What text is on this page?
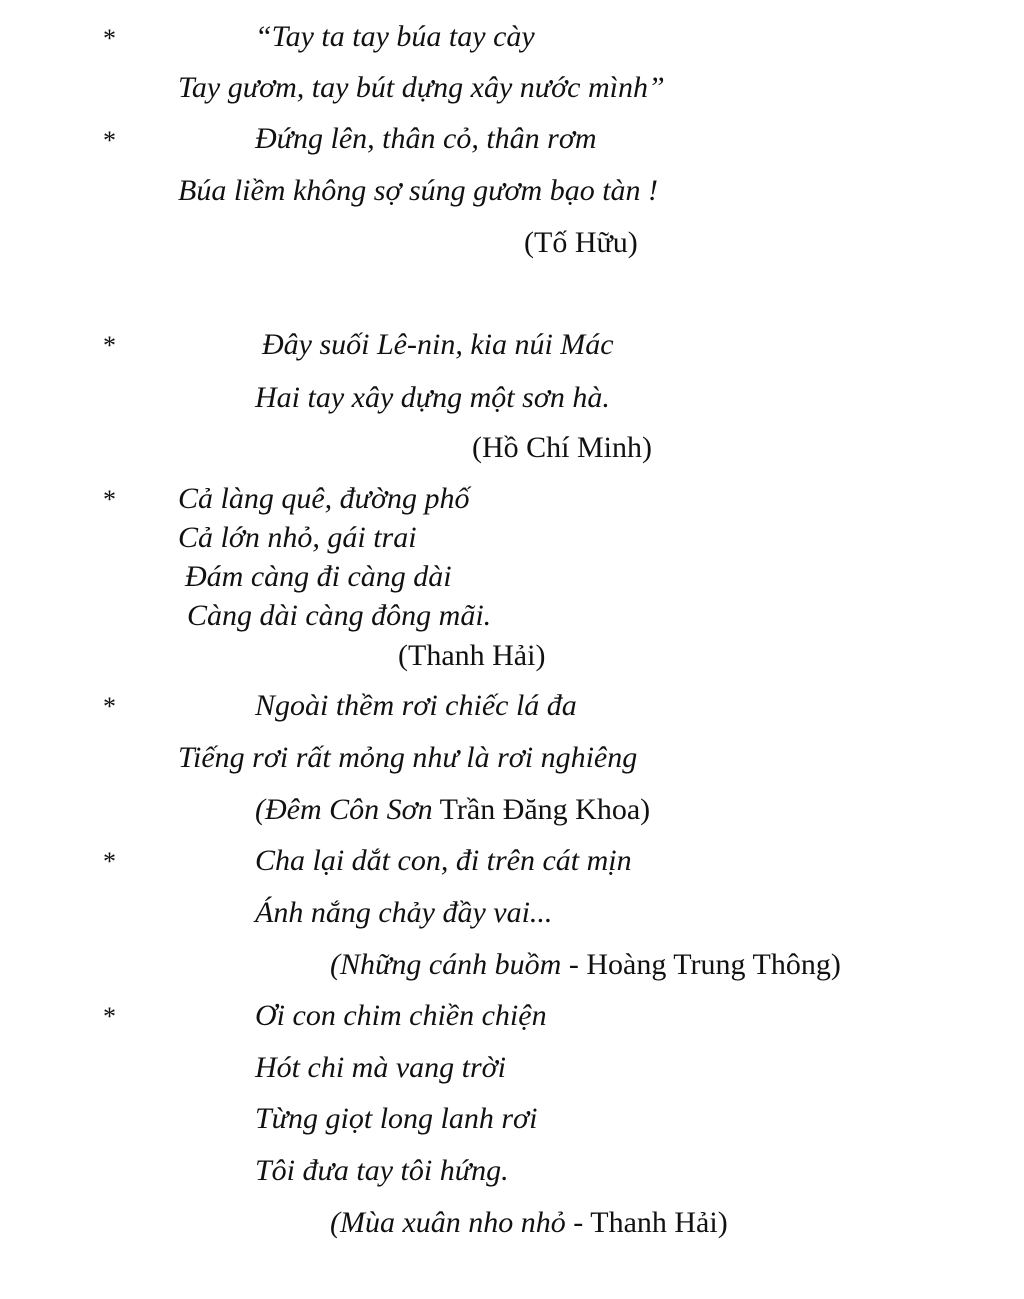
*	“Tay ta tay búa tay cày
Tay gươm, tay bút dựng xây nước mình”
*	Đứng lên, thân cỏ, thân rơm
Búa liềm không sợ súng gươm bạo tàn !
(Tố Hữu)
*	Đây suối Lê-nin, kia núi Mác
Hai tay xây dựng một sơn hà.
(Hồ Chí Minh)
* Cả làng quê, đường phố
Cả lớn nhỏ, gái trai
Đám càng đi càng dài
Càng dài càng đông mãi.
(Thanh Hải)
*	Ngoài thềm rơi chiếc lá đa
Tiếng rơi rất mỏng như là rơi nghiêng
(Đêm Côn Sơn Trần Đăng Khoa)
*	Cha lại dắt con, đi trên cát mịn
Ánh nắng chảy đầy vai...
(Những cánh buồm - Hoàng Trung Thông)
*	Ơi con chim chiền chiện
Hót chi mà vang trời
Từng giọt long lanh rơi
Tôi đưa tay tôi hứng.
(Mùa xuân nho nhỏ - Thanh Hải)
